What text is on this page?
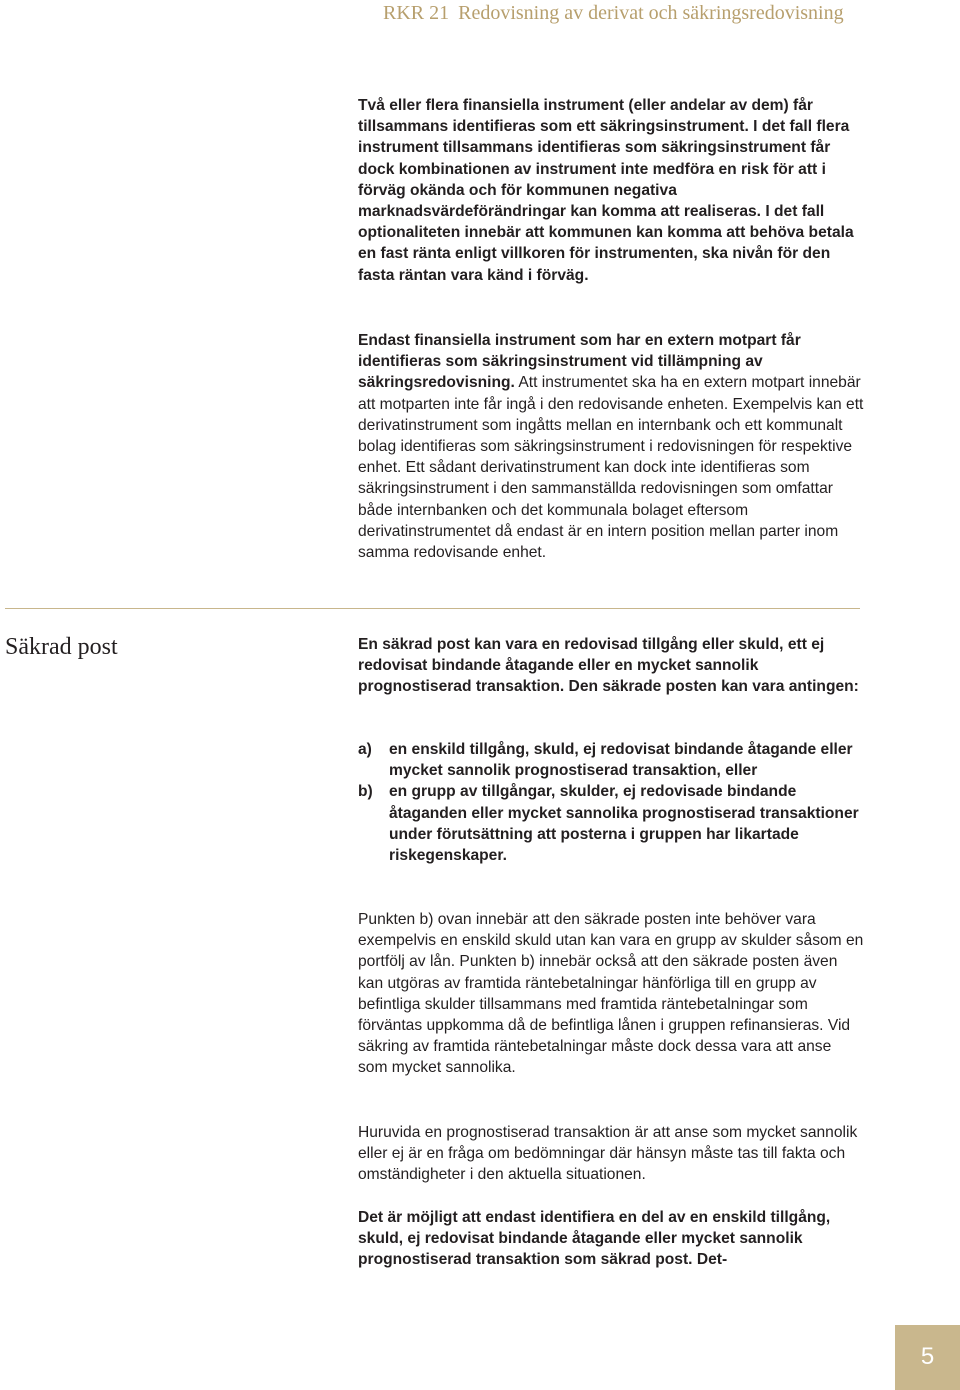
RKR 21 Redovisning av derivat och säkringsredovisning

Två eller flera finansiella instrument (eller andelar av dem) får tillsammans identifieras som ett säkringsinstrument. I det fall flera instrument tillsammans identifieras som säkringsinstrument får dock kombinationen av instrument inte medföra en risk för att i förväg okända och för kommunen negativa marknadsvärdeförändringar kan komma att realiseras. I det fall optionaliteten innebär att kommunen kan komma att behöva betala en fast ränta enligt villkoren för instrumenten, ska nivån för den fasta räntan vara känd i förväg.

Endast finansiella instrument som har en extern motpart får identifieras som säkringsinstrument vid tillämpning av säkringsredovisning. Att instrumentet ska ha en extern motpart innebär att motparten inte får ingå i den redovisande enheten. Exempelvis kan ett derivatinstrument som ingåtts mellan en internbank och ett kommunalt bolag identifieras som säkringsinstrument i redovisningen för respektive enhet. Ett sådant derivatinstrument kan dock inte identifieras som säkringsinstrument i den sammanställda redovisningen som omfattar både internbanken och det kommunala bolaget eftersom derivatinstrumentet då endast är en intern position mellan parter inom samma redovisande enhet.

Säkrad post	En säkrad post kan vara en redovisad tillgång eller skuld, ett ej redovisat bindande åtagande eller en mycket sannolik prognostiserad transaktion. Den säkrade posten kan vara antingen:

a) en enskild tillgång, skuld, ej redovisat bindande åtagande eller mycket sannolik prognostiserad transaktion, eller
b) en grupp av tillgångar, skulder, ej redovisade bindande åtaganden eller mycket sannolika prognostiserad transaktioner under förutsättning att posterna i gruppen har likartade riskegenskaper.

Punkten b) ovan innebär att den säkrade posten inte behöver vara exempelvis en enskild skuld utan kan vara en grupp av skulder såsom en portfölj av lån. Punkten b) innebär också att den säkrade posten även kan utgöras av framtida räntebetalningar hänförliga till en grupp av befintliga skulder tillsammans med framtida räntebetalningar som förväntas uppkomma då de befintliga lånen i gruppen refinansieras. Vid säkring av framtida räntebetalningar måste dock dessa vara att anse som mycket sannolika.

Huruvida en prognostiserad transaktion är att anse som mycket sannolik eller ej är en fråga om bedömningar där hänsyn måste tas till fakta och omständigheter i den aktuella situationen.

Det är möjligt att endast identifiera en del av en enskild tillgång, skuld, ej redovisat bindande åtagande eller mycket sannolik prognostiserad transaktion som säkrad post. Det-

5
